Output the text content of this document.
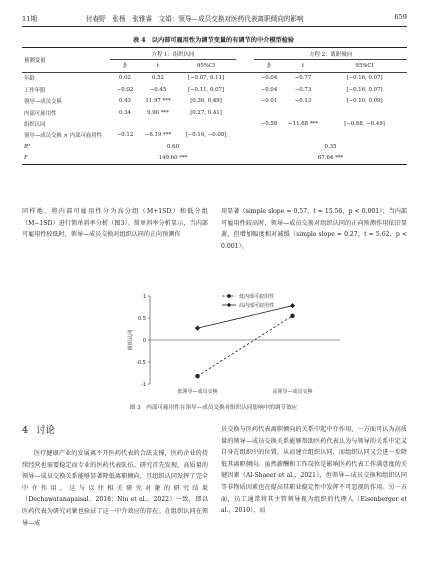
11期	付春野　张杨　张雅睿　文娟：领导—成员交换对医药代表离职倾向的影响	659
表 4　以内部可雇用性为调节变量的有调节的中介模型检验
预测变量	方程 1：组织认同				方程 2：离职倾向		
	β	t	95%CI		β	t	95%CI
年龄	0.02	0.52	[−0.07, 0.11]		−0.04	−0.77	[−0.16, 0.07]
工作年限	−0.02	−0.45	[−0.11, 0.07]		−0.04	−0.73	[−0.16, 0.07]
领导—成员交换	0.43	11.97 ***	[0.36, 0.49]		−0.01	−0.13	[−0.10, 0.09]
内部可雇用性	0.34	9.90 ***	[0.27, 0.41]				
组织认同					−0.58	−11.68 ***	[−0.68, −0.49]
领导—成员交换 × 内部可雇用性	−0.12	−6.19 ***	[−0.16, −0.08]				
R²	0.60				0.35		
F	149.60 ***				67.64 ***		

同样地，将内部可雇用性分为高分组（M+1SD）和低分组（M−1SD）进行简单斜率分析（图3）。简单斜率分析显示，当内部可雇用性较低时，领导—成员交换对组织认同的正向预测作

用显著（simple slope = 0.57，t = 15.56，p < 0.001）；当内部可雇用性较高时，领导—成员交换对组织认同的正向预测作用依旧显著，但增加幅度相对减缓（simple slope = 0.27，t = 5.62，p < 0.001）。

1
0.5
0
-0.5
-1
组织认同
低领导—成员交换	高领导—成员交换
低内部可雇用性
高内部可雇用性
图 3　内部可雇用性在领导—成员交换对组织认同影响中的调节效应
4 讨论

医疗健康产业的发展离不开医药代表的合法支撑，医药企业的持续经营也需要稳定而专业的医药代表队伍。研究首先发现，高质量的领导—成员交换关系能够显著降低离职倾向，且组织认同发挥了完全中介作用。这与以往相关研究对象的研究结果（Dechawatanapaisal，2018；Niu et al.，2022）一致，即以医药代表为研究对象也验证了这一中介效应的存在。在组织认同在领导—成

员交换与医药代表离职倾向的关系中起中介作用，一方面可认为高质量的领导—成员交换关系能够帮助医药代表认为与领导的关系中定义自身在组织中的位置，从而建立组织认同，而组织认同又会进一步降低其离职倾向。虽然薪酬和工作岗位是影响医药代表工作满意度的关键因素（Al-Shaeer et al.，2021），但领导—成员交换和组织认同等非物质因素也在提高其职业稳定性中发挥不可忽视的作用。另一方面，员工通常将其主管领导视为组织的代理人（Eisenberger et al.，2010），而
